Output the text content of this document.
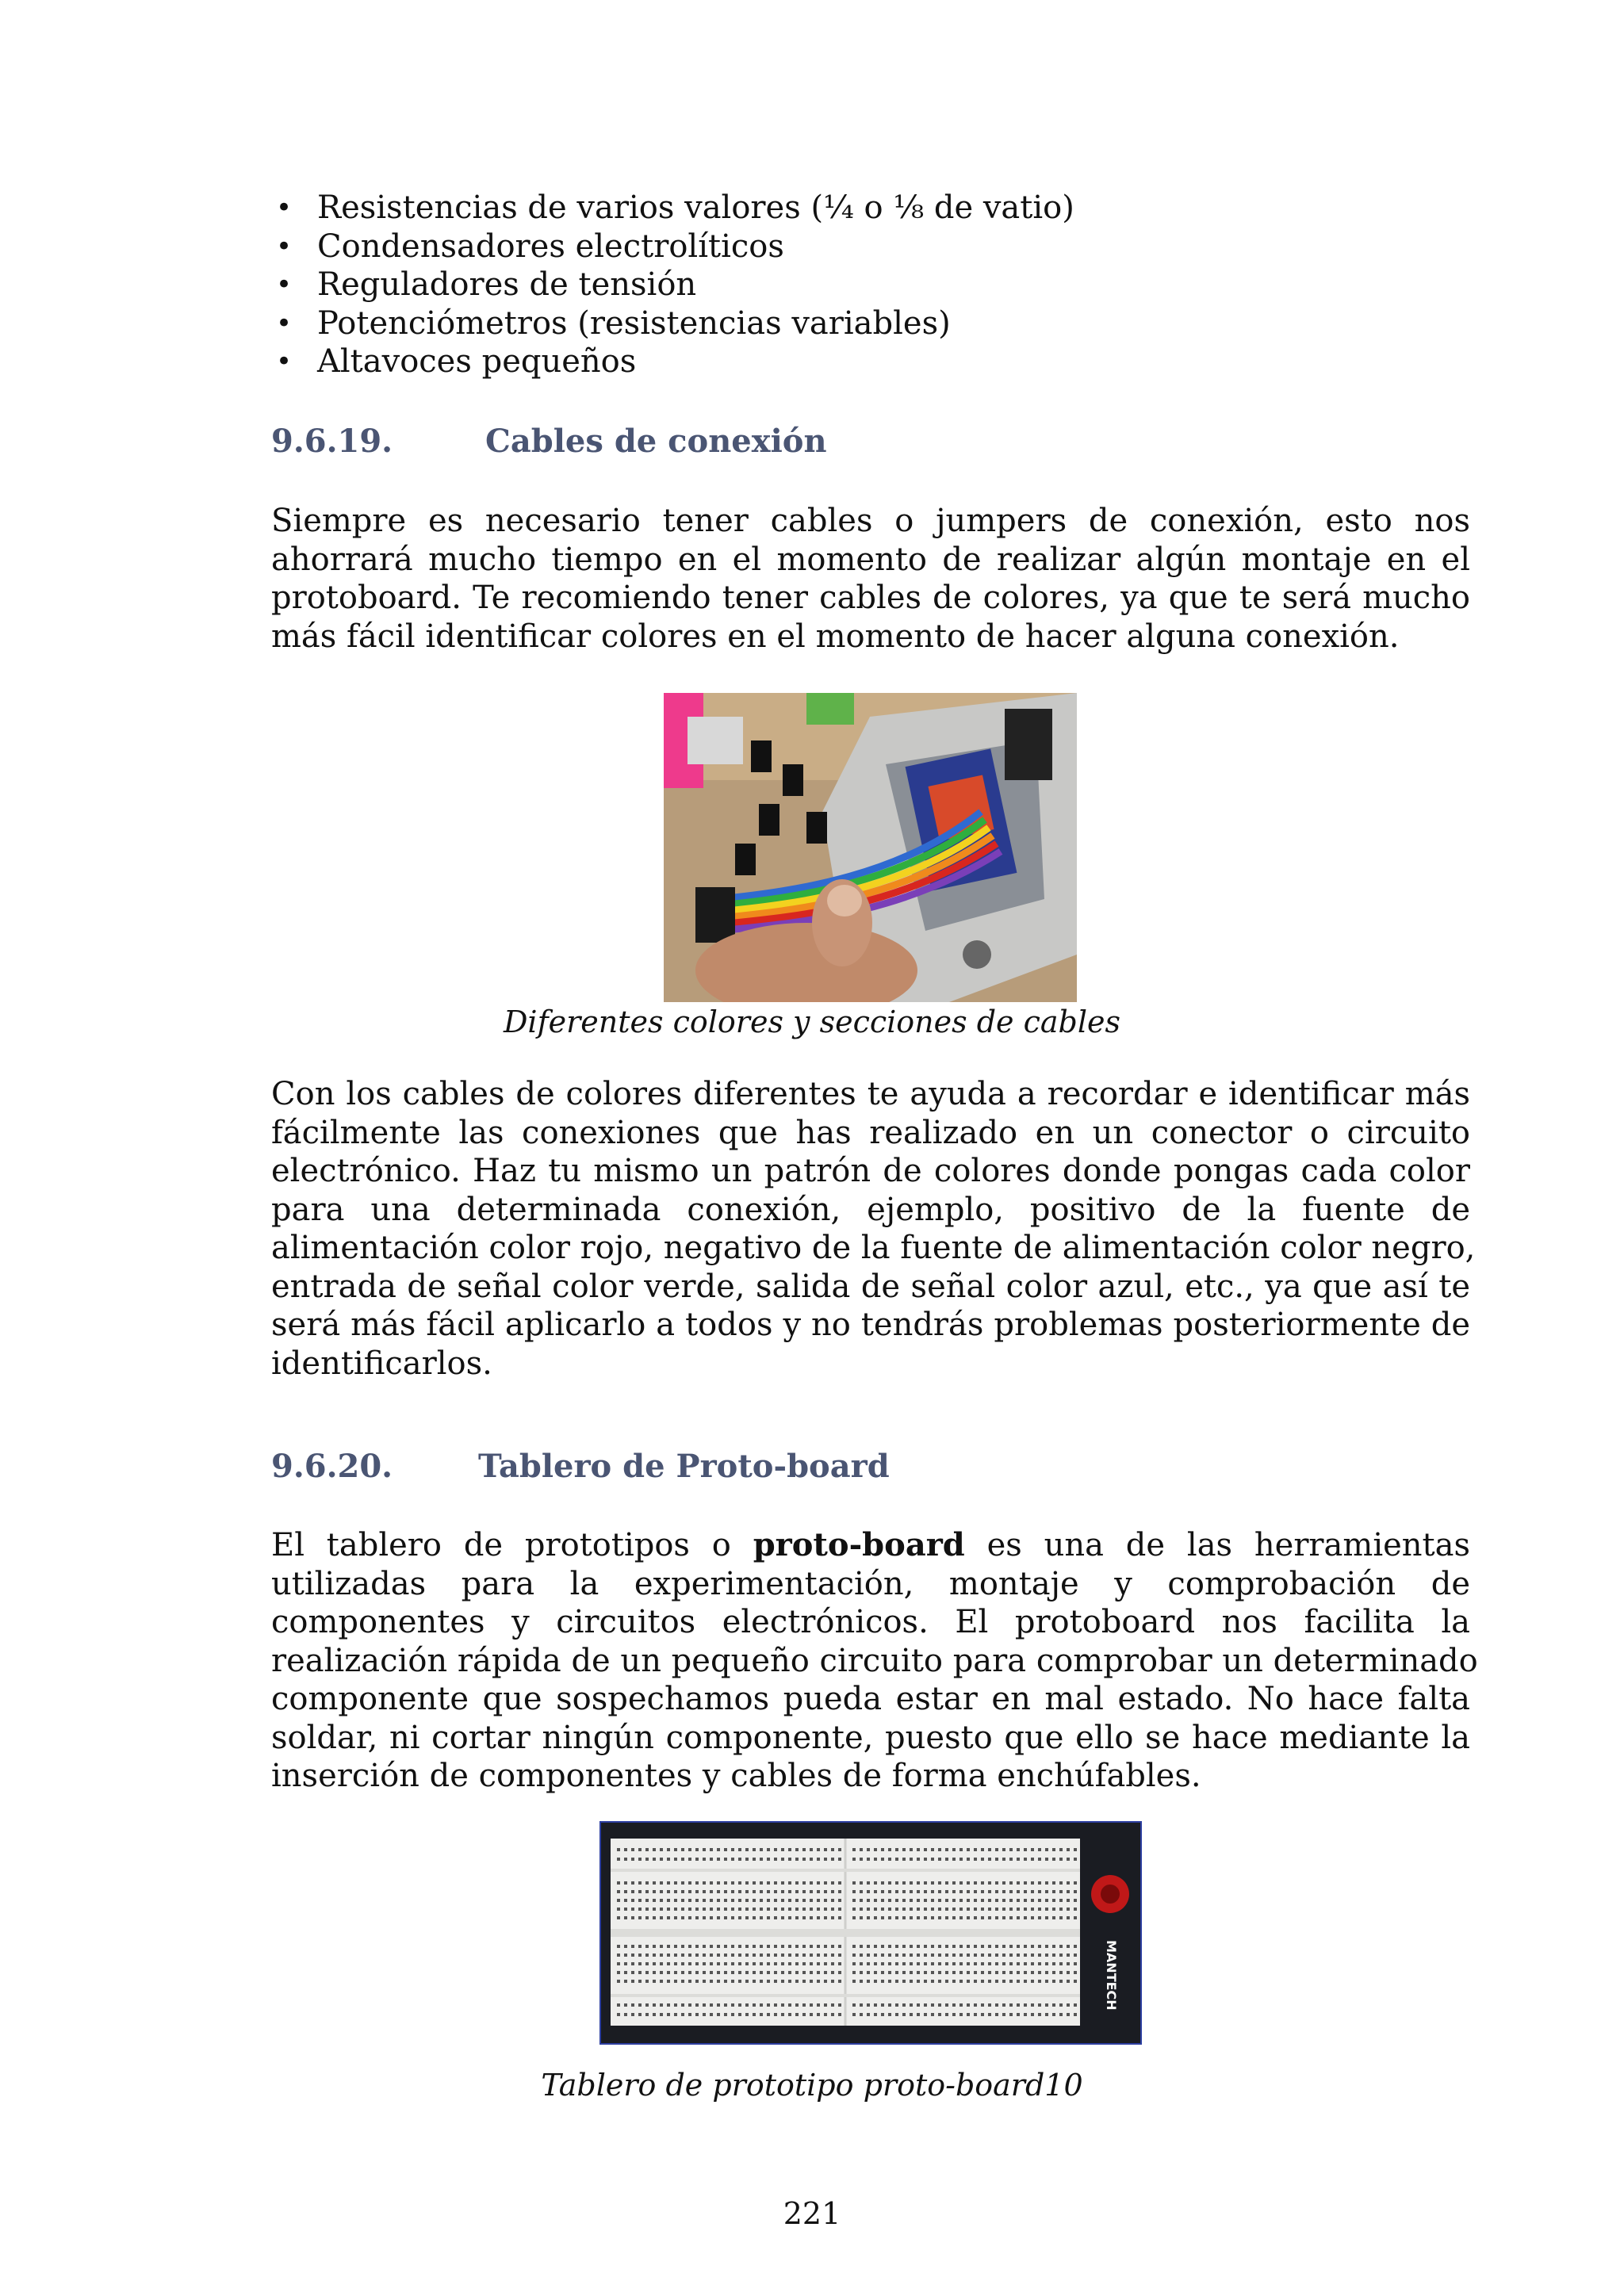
• Resistencias de varios valores (¼ o ⅛ de vatio)
• Condensadores electrolíticos
• Reguladores de tensión
• Potenciómetros (resistencias variables)
• Altavoces pequeños
9.6.19.	Cables de conexión
Siempre es necesario tener cables o jumpers de conexión, esto nos
ahorrará mucho tiempo en el momento de realizar algún montaje en el
protoboard. Te recomiendo tener cables de colores, ya que te será mucho
más fácil identificar colores en el momento de hacer alguna conexión.
Diferentes colores y secciones de cables
Con los cables de colores diferentes te ayuda a recordar e identificar más
fácilmente las conexiones que has realizado en un conector o circuito
electrónico. Haz tu mismo un patrón de colores donde pongas cada color
para una determinada conexión, ejemplo, positivo de la fuente de
alimentación color rojo, negativo de la fuente de alimentación color negro,
entrada de señal color verde, salida de señal color azul, etc., ya que así te
será más fácil aplicarlo a todos y no tendrás problemas posteriormente de
identificarlos.
9.6.20.	Tablero de Proto-board
El tablero de prototipos o proto-board es una de las herramientas
utilizadas para la experimentación, montaje y comprobación de
componentes y circuitos electrónicos. El protoboard nos facilita la
realización rápida de un pequeño circuito para comprobar un determinado
componente que sospechamos pueda estar en mal estado. No hace falta
soldar, ni cortar ningún componente, puesto que ello se hace mediante la
inserción de componentes y cables de forma enchúfables.
MANTECH
Tablero de prototipo proto-board10
221
